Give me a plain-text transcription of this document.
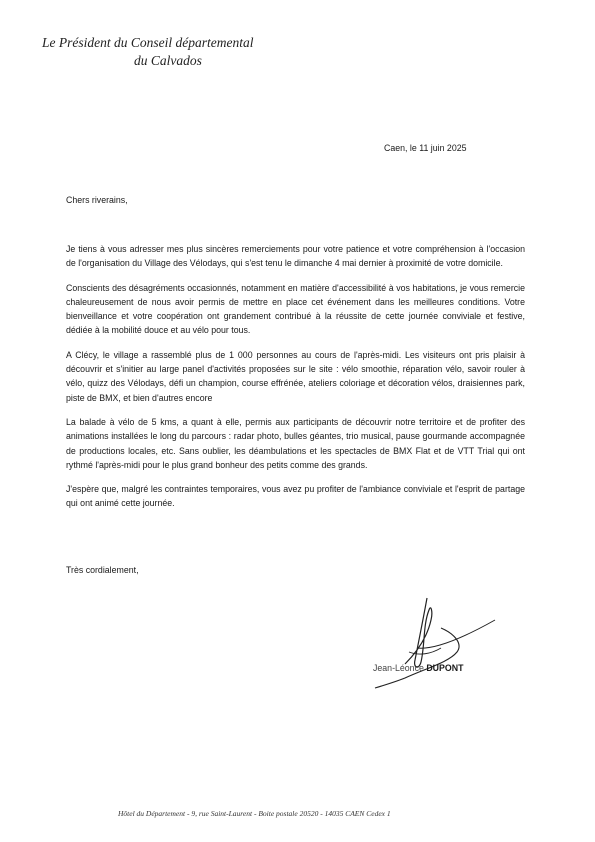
Le Président du Conseil départemental
du Calvados
Caen, le 11 juin 2025
Chers riverains,

Je tiens à vous adresser mes plus sincères remerciements pour votre patience et votre compréhension à l'occasion de l'organisation du Village des Vélodays, qui s'est tenu le dimanche 4 mai dernier à proximité de votre domicile.

Conscients des désagréments occasionnés, notamment en matière d'accessibilité à vos habitations, je vous remercie chaleureusement de nous avoir permis de mettre en place cet événement dans les meilleures conditions. Votre bienveillance et votre coopération ont grandement contribué à la réussite de cette journée conviviale et festive, dédiée à la mobilité douce et au vélo pour tous.

A Clécy, le village a rassemblé plus de 1 000 personnes au cours de l'après-midi. Les visiteurs ont pris plaisir à découvrir et s'initier au large panel d'activités proposées sur le site : vélo smoothie, réparation vélo, savoir rouler à vélo, quizz des Vélodays, défi un champion, course effrénée, ateliers coloriage et décoration vélos, draisiennes park, piste de BMX, et bien d'autres encore

La balade à vélo de 5 kms, a quant à elle, permis aux participants de découvrir notre territoire et de profiter des animations installées le long du parcours : radar photo, bulles géantes, trio musical, pause gourmande accompagnée de productions locales, etc. Sans oublier, les déambulations et les spectacles de BMX Flat et de VTT Trial qui ont rythmé l'après-midi pour le plus grand bonheur des petits comme des grands.

J'espère que, malgré les contraintes temporaires, vous avez pu profiter de l'ambiance conviviale et l'esprit de partage qui ont animé cette journée.

Très cordialement,
Jean-Léonce DUPONT
Hôtel du Département - 9, rue Saint-Laurent - Boite postale 20520 - 14035 CAEN Cedex 1
